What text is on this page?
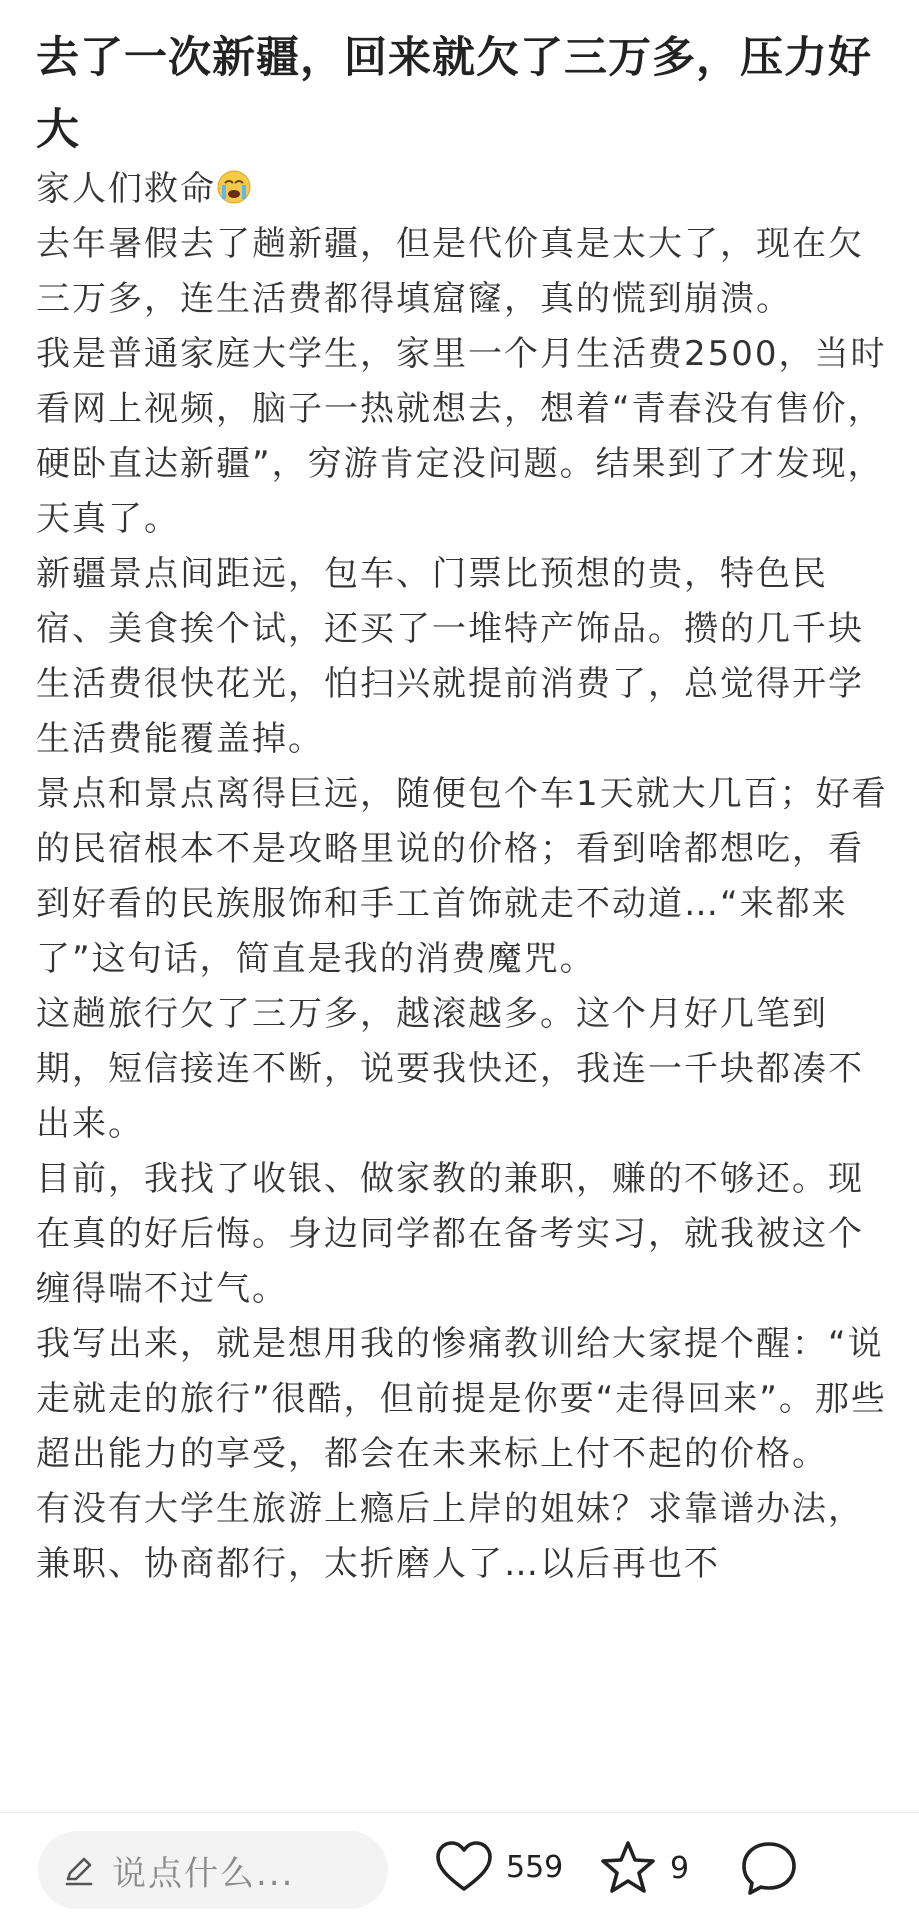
去了一次新疆，回来就欠了三万多，压力好大

家人们救命

去年暑假去了趟新疆，但是代价真是太大了，现在欠三万多，连生活费都得填窟窿，真的慌到崩溃。

我是普通家庭大学生，家里一个月生活费2500，当时看网上视频，脑子一热就想去，想着“青春没有售价，硬卧直达新疆”，穷游肯定没问题。结果到了才发现，天真了。

新疆景点间距远，包车、门票比预想的贵，特色民宿、美食挨个试，还买了一堆特产饰品。攒的几千块生活费很快花光，怕扫兴就提前消费了，总觉得开学生活费能覆盖掉。

景点和景点离得巨远，随便包个车1天就大几百；好看的民宿根本不是攻略里说的价格；看到啥都想吃，看到好看的民族服饰和手工首饰就走不动道…“来都来了”这句话，简直是我的消费魔咒。

这趟旅行欠了三万多，越滚越多。这个月好几笔到期，短信接连不断，说要我快还，我连一千块都凑不出来。

目前，我找了收银、做家教的兼职，赚的不够还。现在真的好后悔。身边同学都在备考实习，就我被这个缠得喘不过气。

我写出来，就是想用我的惨痛教训给大家提个醒：“说走就走的旅行”很酷，但前提是你要“走得回来”。那些超出能力的享受，都会在未来标上付不起的价格。

有没有大学生旅游上瘾后上岸的姐妹？求靠谱办法，兼职、协商都行，太折磨人了…以后再也不

说点什么...	559	9
